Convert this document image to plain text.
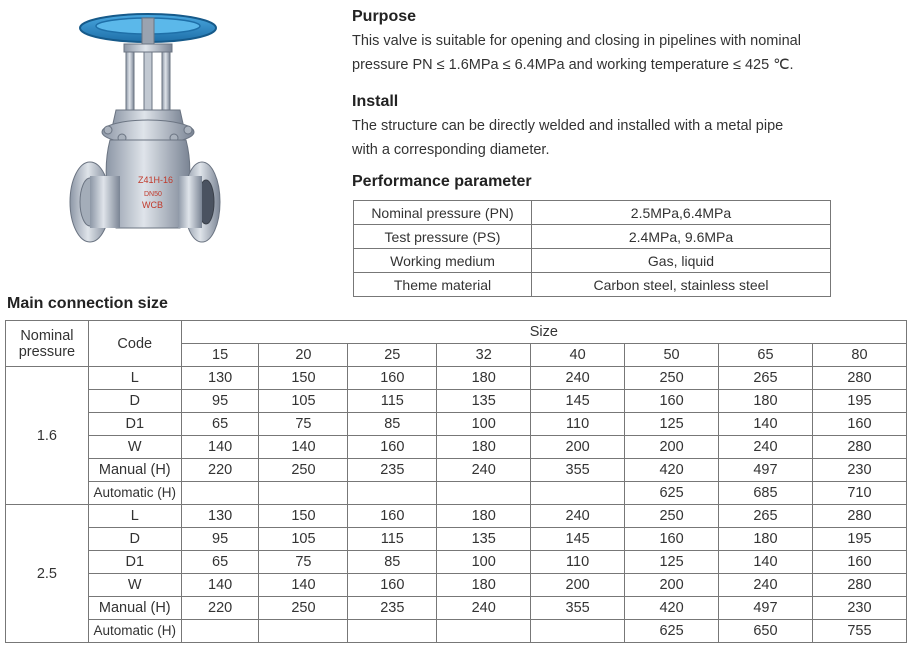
Z41H-16
DN50
WCB
Purpose
This valve is suitable for opening and closing in pipelines with nominal
pressure PN ≤ 1.6MPa ≤ 6.4MPa and working temperature ≤ 425 ℃.
Install
The structure can be directly welded and installed with a metal pipe
with a corresponding diameter.
Performance parameter
Nominal pressure (PN)	2.5MPa,6.4MPa
Test pressure (PS)	2.4MPa, 9.6MPa
Working medium	Gas, liquid
Theme material	Carbon steel, stainless steel
Main connection size
Nominal pressure	Code	Size							
		15	20	25	32	40	50	65	80
1.6	L	130	150	160	180	240	250	265	280
	D	95	105	115	135	145	160	180	195
	D1	65	75	85	100	110	125	140	160
	W	140	140	160	180	200	200	240	280
	Manual (H)	220	250	235	240	355	420	497	230
	Automatic (H)						625	685	710
2.5	L	130	150	160	180	240	250	265	280
	D	95	105	115	135	145	160	180	195
	D1	65	75	85	100	110	125	140	160
	W	140	140	160	180	200	200	240	280
	Manual (H)	220	250	235	240	355	420	497	230
	Automatic (H)						625	650	755
